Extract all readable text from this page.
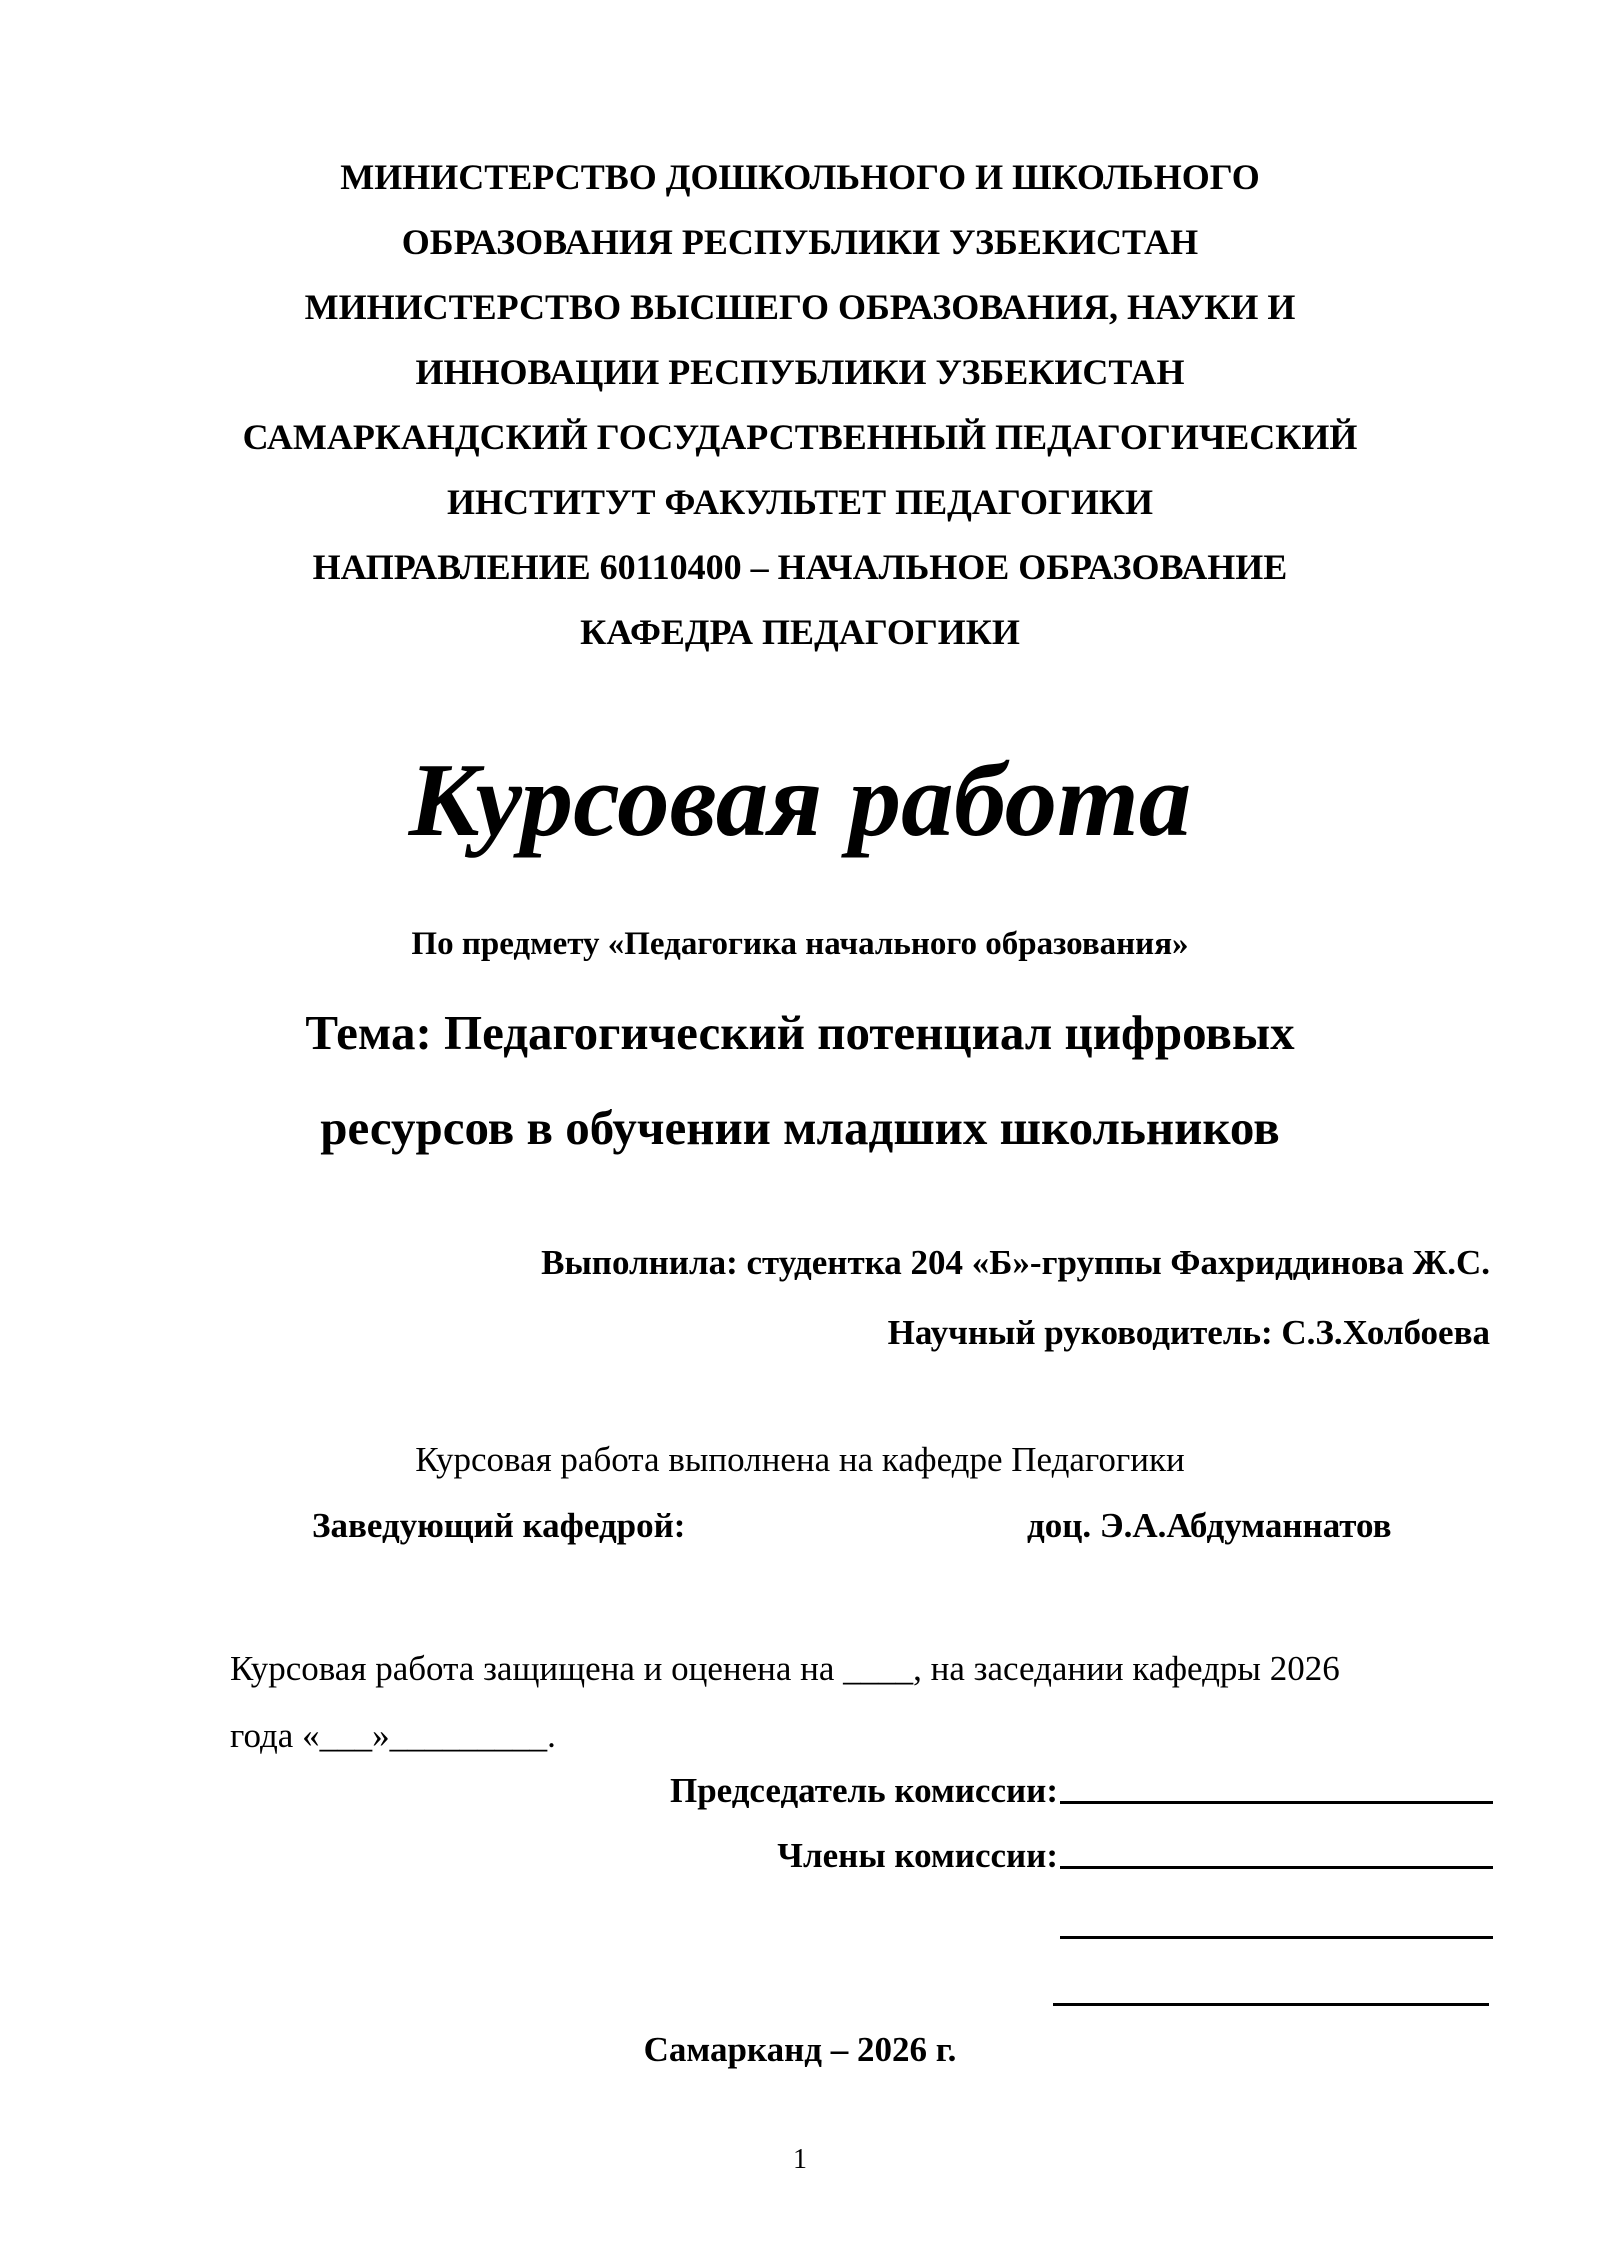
МИНИСТЕРСТВО ДОШКОЛЬНОГО И ШКОЛЬНОГО
ОБРАЗОВАНИЯ РЕСПУБЛИКИ УЗБЕКИСТАН
МИНИСТЕРСТВО ВЫСШЕГО ОБРАЗОВАНИЯ, НАУКИ И
ИННОВАЦИИ РЕСПУБЛИКИ УЗБЕКИСТАН
САМАРКАНДСКИЙ ГОСУДАРСТВЕННЫЙ ПЕДАГОГИЧЕСКИЙ
ИНСТИТУТ ФАКУЛЬТЕТ ПЕДАГОГИКИ
НАПРАВЛЕНИЕ 60110400 – НАЧАЛЬНОЕ ОБРАЗОВАНИЕ
КАФЕДРА ПЕДАГОГИКИ
Курсовая работа
По предмету «Педагогика начального образования»
Тема: Педагогический потенциал цифровых
ресурсов в обучении младших школьников
Выполнила: студентка 204 «Б»-группы Фахриддинова Ж.С.
Научный руководитель: С.З.Холбоева
Курсовая работа выполнена на кафедре Педагогики
Заведующий кафедрой:	доц. Э.А.Абдуманнатов
Курсовая работа защищена и оценена на ____, на заседании кафедры 2026
года «___»_________.
Председатель комиссии:
Члены комиссии:
Самарканд – 2026 г.
1
